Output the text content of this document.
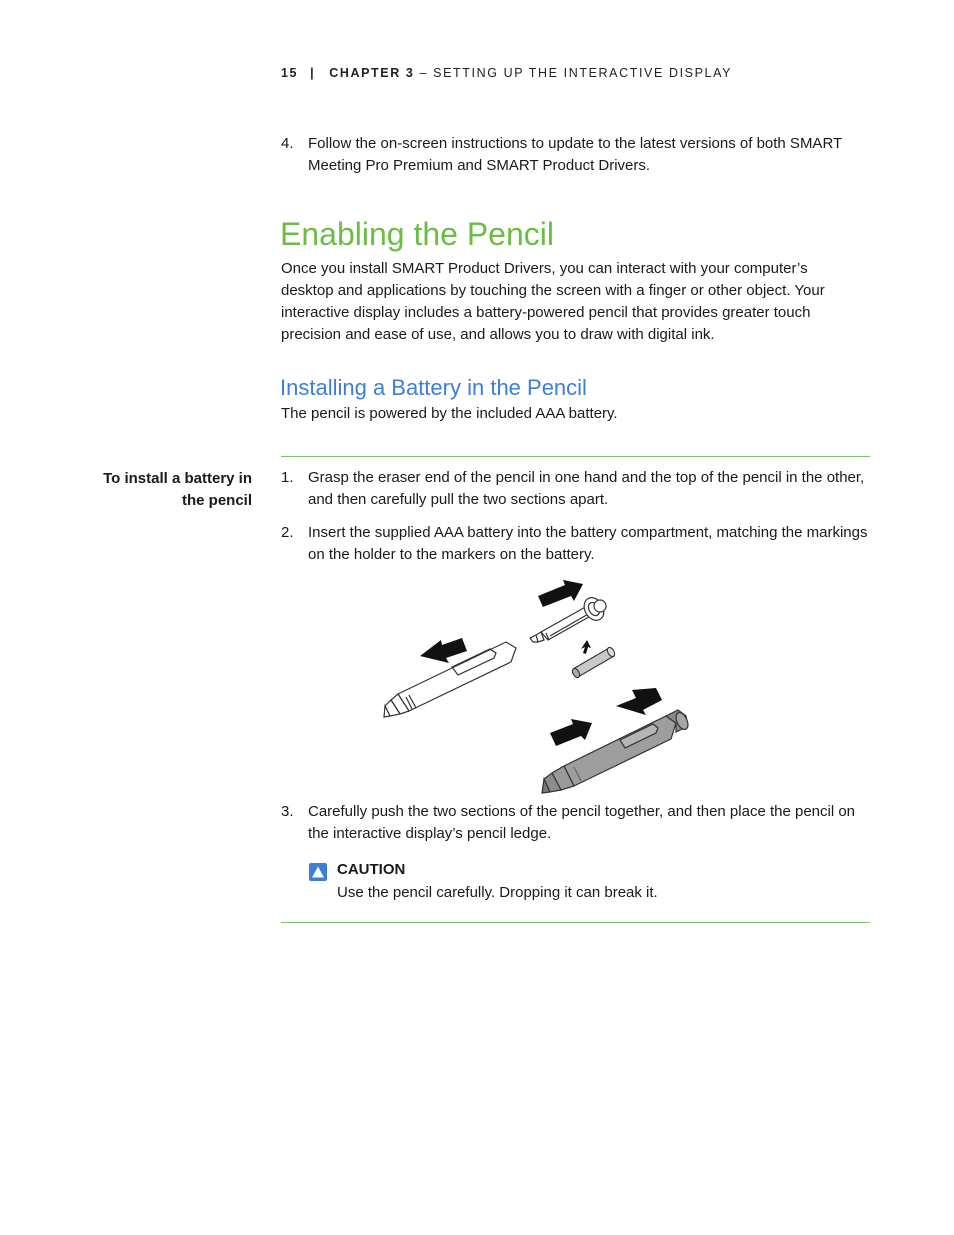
15 | CHAPTER 3 – SETTING UP THE INTERACTIVE DISPLAY
4. Follow the on-screen instructions to update to the latest versions of both SMART Meeting Pro Premium and SMART Product Drivers.
Enabling the Pencil

Once you install SMART Product Drivers, you can interact with your computer’s desktop and applications by touching the screen with a finger or other object. Your interactive display includes a battery-powered pencil that provides greater touch precision and ease of use, and allows you to draw with digital ink.

Installing a Battery in the Pencil

The pencil is powered by the included AAA battery.

To install a battery in the pencil
1. Grasp the eraser end of the pencil in one hand and the top of the pencil in the other, and then carefully pull the two sections apart.
2. Insert the supplied AAA battery into the battery compartment, matching the markings on the holder to the markers on the battery.
3. Carefully push the two sections of the pencil together, and then place the pencil on the interactive display’s pencil ledge.
CAUTION
Use the pencil carefully. Dropping it can break it.
